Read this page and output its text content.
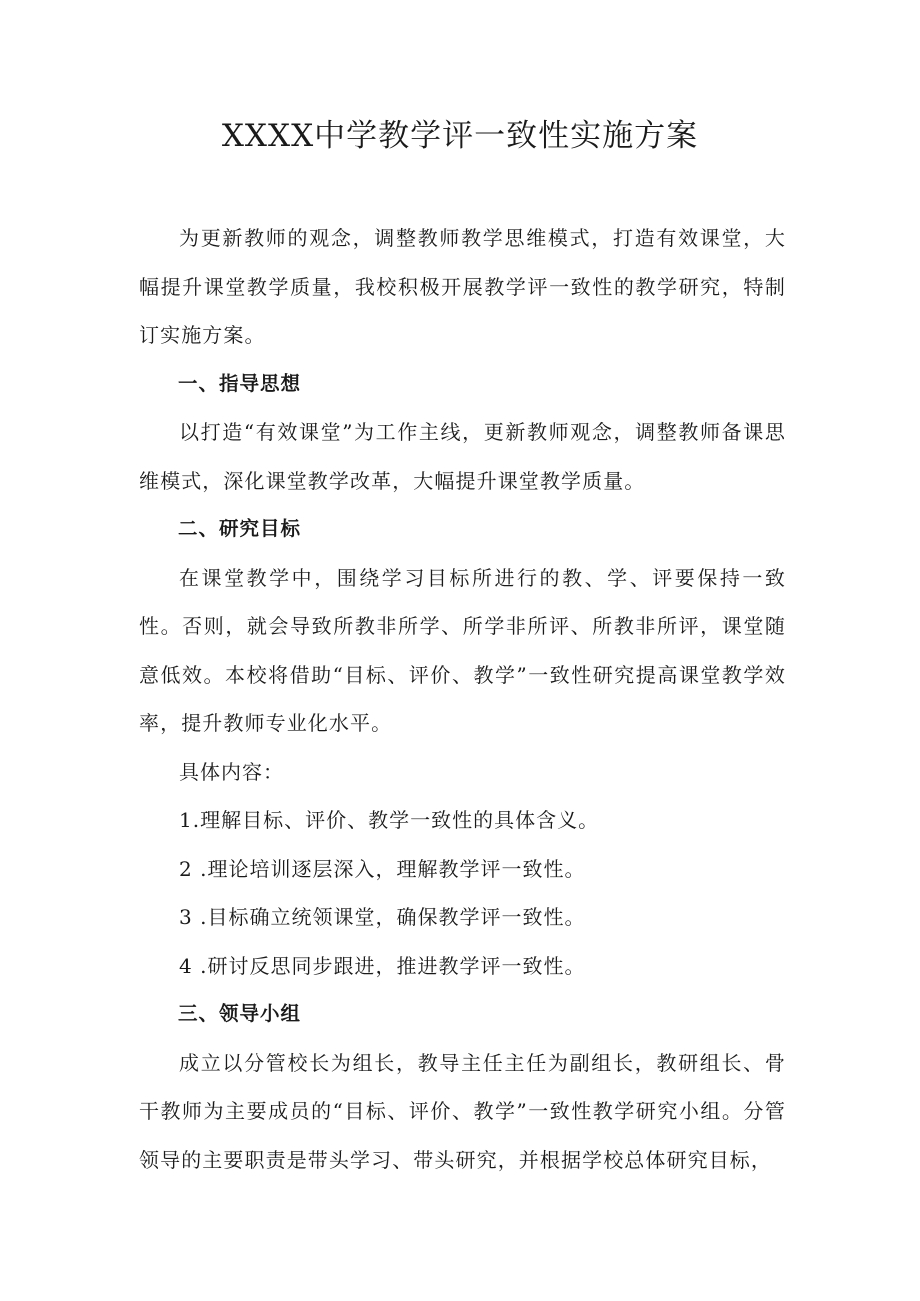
XXXX中学教学评一致性实施方案

为更新教师的观念，调整教师教学思维模式，打造有效课堂，大幅提升课堂教学质量，我校积极开展教学评一致性的教学研究，特制订实施方案。

一、指导思想

以打造“有效课堂”为工作主线，更新教师观念，调整教师备课思维模式，深化课堂教学改革，大幅提升课堂教学质量。

二、研究目标

在课堂教学中，围绕学习目标所进行的教、学、评要保持一致性。否则，就会导致所教非所学、所学非所评、所教非所评，课堂随意低效。本校将借助“目标、评价、教学”一致性研究提高课堂教学效率，提升教师专业化水平。

具体内容：

1.理解目标、评价、教学一致性的具体含义。

2 .理论培训逐层深入，理解教学评一致性。

3 .目标确立统领课堂，确保教学评一致性。

4 .研讨反思同步跟进，推进教学评一致性。

三、领导小组

成立以分管校长为组长，教导主任主任为副组长，教研组长、骨干教师为主要成员的“目标、评价、教学”一致性教学研究小组。分管领导的主要职责是带头学习、带头研究，并根据学校总体研究目标，
